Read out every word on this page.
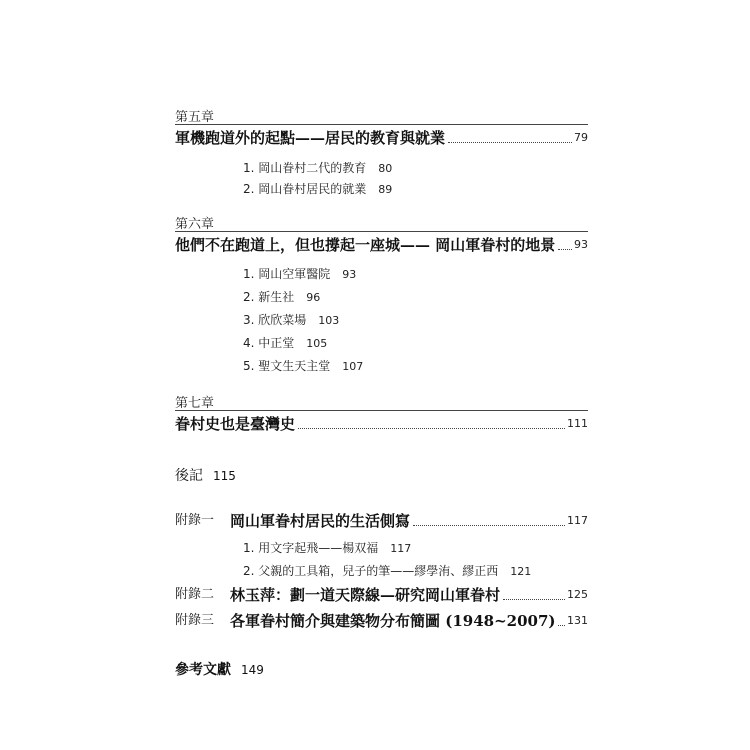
第五章
軍機跑道外的起點——居民的教育與就業	79
1. 岡山眷村二代的教育 80
2. 岡山眷村居民的就業 89
第六章
他們不在跑道上，但也撐起一座城—— 岡山軍眷村的地景 93
1. 岡山空軍醫院 93
2. 新生社 96
3. 欣欣菜場 103
4. 中正堂 105
5. 聖文生天主堂 107
第七章
眷村史也是臺灣史	111
後記 115
附錄一 岡山軍眷村居民的生活側寫	117
1. 用文字起飛——楊双福 117
2. 父親的工具箱，兒子的筆——繆學洧、繆正西 121
附錄二 林玉萍：劃一道天際線—研究岡山軍眷村	125
附錄三 各軍眷村簡介與建築物分布簡圖 (1948~2007) 131
參考文獻 149
